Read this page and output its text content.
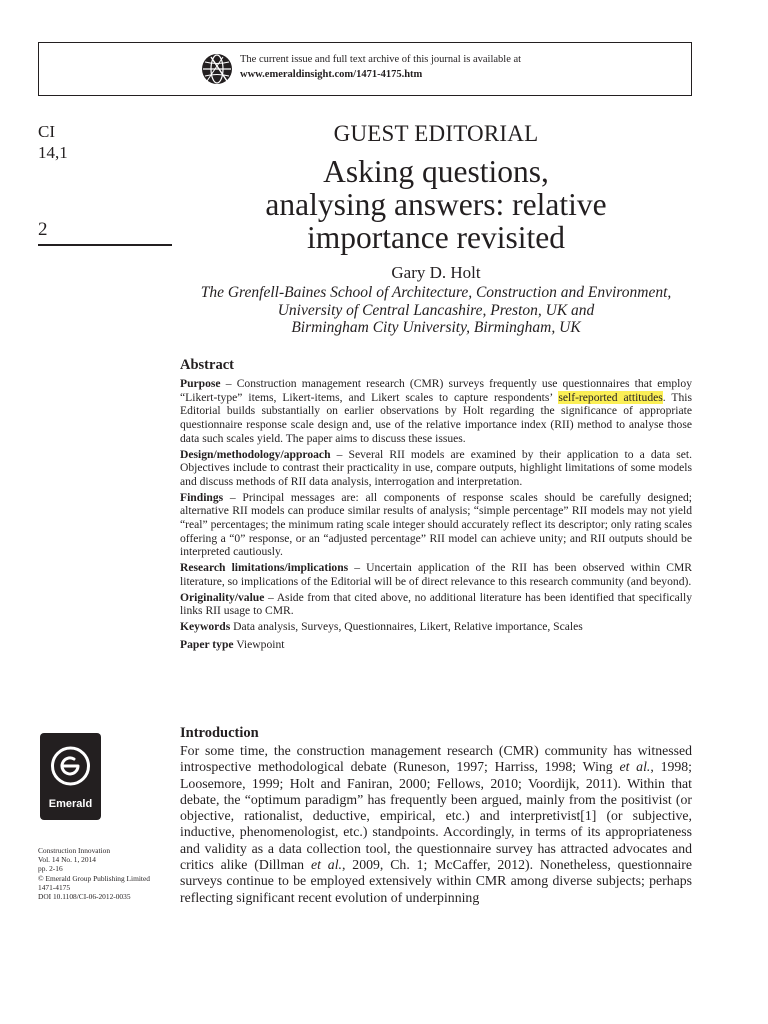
The current issue and full text archive of this journal is available at
www.emeraldinsight.com/1471-4175.htm
CI
14,1
2
GUEST EDITORIAL
Asking questions,
analysing answers: relative
importance revisited
Gary D. Holt
The Grenfell-Baines School of Architecture, Construction and Environment,
University of Central Lancashire, Preston, UK and
Birmingham City University, Birmingham, UK
Abstract

Purpose – Construction management research (CMR) surveys frequently use questionnaires that employ “Likert-type” items, Likert-items, and Likert scales to capture respondents’ self-reported attitudes. This Editorial builds substantially on earlier observations by Holt regarding the significance of appropriate questionnaire response scale design and, use of the relative importance index (RII) method to analyse those data such scales yield. The paper aims to discuss these issues.

Design/methodology/approach – Several RII models are examined by their application to a data set. Objectives include to contrast their practicality in use, compare outputs, highlight limitations of some models and discuss methods of RII data analysis, interrogation and interpretation.

Findings – Principal messages are: all components of response scales should be carefully designed; alternative RII models can produce similar results of analysis; “simple percentage” RII models may not yield “real” percentages; the minimum rating scale integer should accurately reflect its descriptor; only rating scales offering a “0” response, or an “adjusted percentage” RII model can achieve unity; and RII outputs should be interpreted cautiously.

Research limitations/implications – Uncertain application of the RII has been observed within CMR literature, so implications of the Editorial will be of direct relevance to this research community (and beyond).

Originality/value – Aside from that cited above, no additional literature has been identified that specifically links RII usage to CMR.

Keywords Data analysis, Surveys, Questionnaires, Likert, Relative importance, Scales
Paper type Viewpoint
Introduction

For some time, the construction management research (CMR) community has witnessed introspective methodological debate (Runeson, 1997; Harriss, 1998; Wing et al., 1998; Loosemore, 1999; Holt and Faniran, 2000; Fellows, 2010; Voordijk, 2011). Within that debate, the “optimum paradigm” has frequently been argued, mainly from the positivist (or objective, rationalist, deductive, empirical, etc.) and interpretivist[1] (or subjective, inductive, phenomenologist, etc.) standpoints. Accordingly, in terms of its appropriateness and validity as a data collection tool, the questionnaire survey has attracted advocates and critics alike (Dillman et al., 2009, Ch. 1; McCaffer, 2012). Nonetheless, questionnaire surveys continue to be employed extensively within CMR among diverse subjects; perhaps reflecting significant recent evolution of underpinning

Emerald
Construction Innovation
Vol. 14 No. 1, 2014
pp. 2-16
© Emerald Group Publishing Limited
1471-4175
DOI 10.1108/CI-06-2012-0035
